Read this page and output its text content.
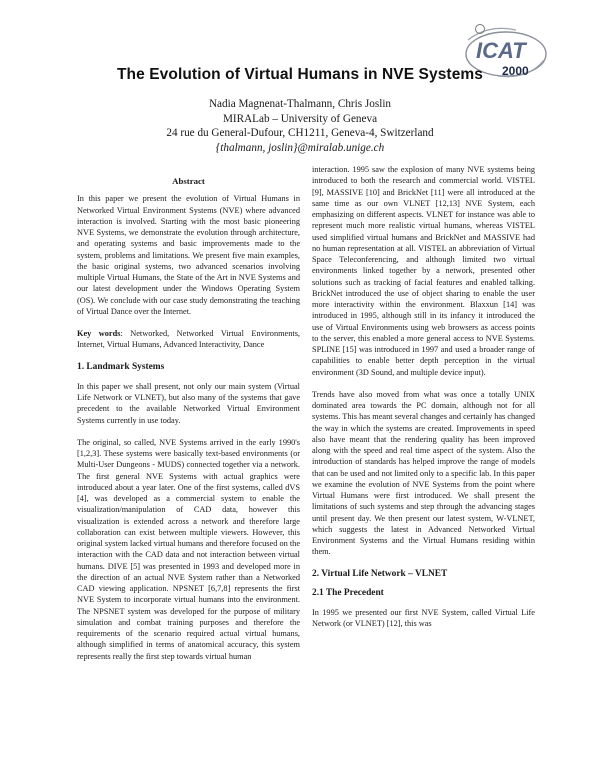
ICAT
2000
The Evolution of Virtual Humans in NVE Systems
Nadia Magnenat-Thalmann, Chris Joslin
MIRALab – University of Geneva
24 rue du General-Dufour, CH1211, Geneva-4, Switzerland
{thalmann, joslin}@miralab.unige.ch
Abstract

In this paper we present the evolution of Virtual Humans in Networked Virtual Environment Systems (NVE) where advanced interaction is involved. Starting with the most basic pioneering NVE Systems, we demonstrate the evolution through architecture, and operating systems and basic improvements made to the system, problems and limitations. We present five main examples, the basic original systems, two advanced scenarios involving multiple Virtual Humans, the State of the Art in NVE Systems and our latest development under the Windows Operating System (OS). We conclude with our case study demonstrating the teaching of Virtual Dance over the Internet.

Key words: Networked, Networked Virtual Environments, Internet, Virtual Humans, Advanced Interactivity, Dance

1. Landmark Systems

In this paper we shall present, not only our main system (Virtual Life Network or VLNET), but also many of the systems that gave precedent to the available Networked Virtual Environment Systems currently in use today.

The original, so called, NVE Systems arrived in the early 1990's [1,2,3]. These systems were basically text-based environments (or Multi-User Dungeons - MUDS) connected together via a network. The first general NVE Systems with actual graphics were introduced about a year later. One of the first systems, called dVS [4], was developed as a commercial system to enable the visualization/manipulation of CAD data, however this visualization is extended across a network and therefore large collaboration can exist between multiple viewers. However, this original system lacked virtual humans and therefore focused on the interaction with the CAD data and not interaction between virtual humans. DIVE [5] was presented in 1993 and developed more in the direction of an actual NVE System rather than a Networked CAD viewing application. NPSNET [6,7,8] represents the first NVE System to incorporate virtual humans into the environment. The NPSNET system was developed for the purpose of military simulation and combat training purposes and therefore the requirements of the scenario required actual virtual humans, although simplified in terms of anatomical accuracy, this system represents really the first step towards virtual human

interaction. 1995 saw the explosion of many NVE systems being introduced to both the research and commercial world. VISTEL [9], MASSIVE [10] and BrickNet [11] were all introduced at the same time as our own VLNET [12,13] NVE System, each emphasizing on different aspects. VLNET for instance was able to represent much more realistic virtual humans, whereas VISTEL used simplified virtual humans and BrickNet and MASSIVE had no human representation at all. VISTEL an abbreviation of Virtual Space Teleconferencing, and although limited two virtual environments linked together by a network, presented other solutions such as tracking of facial features and enabled talking. BrickNet introduced the use of object sharing to enable the user more interactivity within the environment. Blaxxun [14] was introduced in 1995, although still in its infancy it introduced the use of Virtual Environments using web browsers as access points to the server, this enabled a more general access to NVE Systems. SPLINE [15] was introduced in 1997 and used a broader range of capabilities to enable better depth perception in the virtual environment (3D Sound, and multiple device input).

Trends have also moved from what was once a totally UNIX dominated area towards the PC domain, although not for all systems. This has meant several changes and certainly has changed the way in which the systems are created. Improvements in speed also have meant that the rendering quality has been improved along with the speed and real time aspect of the system. Also the introduction of standards has helped improve the range of models that can be used and not limited only to a specific lab. In this paper we examine the evolution of NVE Systems from the point where Virtual Humans were first introduced. We shall present the limitations of such systems and step through the advancing stages until present day. We then present our latest system, W-VLNET, which suggests the latest in Advanced Networked Virtual Environment Systems and the Virtual Humans residing within them.

2. Virtual Life Network – VLNET
2.1 The Precedent

In 1995 we presented our first NVE System, called Virtual Life Network (or VLNET) [12], this was
